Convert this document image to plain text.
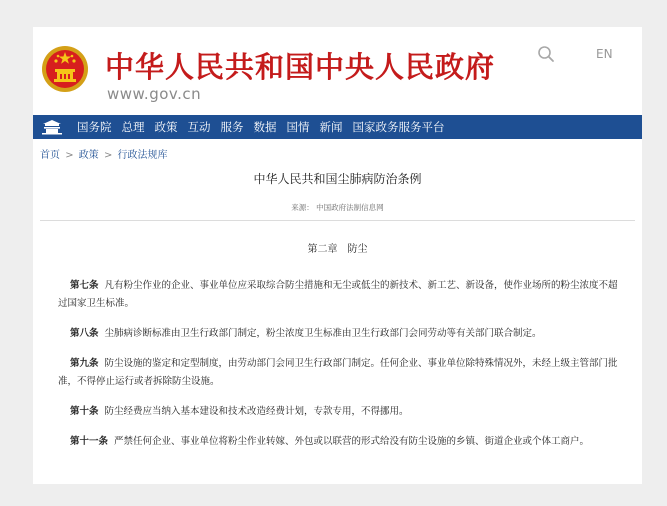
中华人民共和国中央人民政府
www.gov.cn
EN
国务院 总理 政策 互动 服务 数据 国情 新闻 国家政务服务平台
首页 > 政策 > 行政法规库
中华人民共和国尘肺病防治条例
来源： 中国政府法制信息网
第二章　防尘
第七条 凡有粉尘作业的企业、事业单位应采取综合防尘措施和无尘或低尘的新技术、新工艺、新设备，使作业场所的粉尘浓度不超过国家卫生标准。
第八条 尘肺病诊断标准由卫生行政部门制定，粉尘浓度卫生标准由卫生行政部门会同劳动等有关部门联合制定。
第九条 防尘设施的鉴定和定型制度，由劳动部门会同卫生行政部门制定。任何企业、事业单位除特殊情况外，未经上级主管部门批准，不得停止运行或者拆除防尘设施。
第十条 防尘经费应当纳入基本建设和技术改造经费计划，专款专用，不得挪用。
第十一条 严禁任何企业、事业单位将粉尘作业转嫁、外包或以联营的形式给没有防尘设施的乡镇、街道企业或个体工商户。
